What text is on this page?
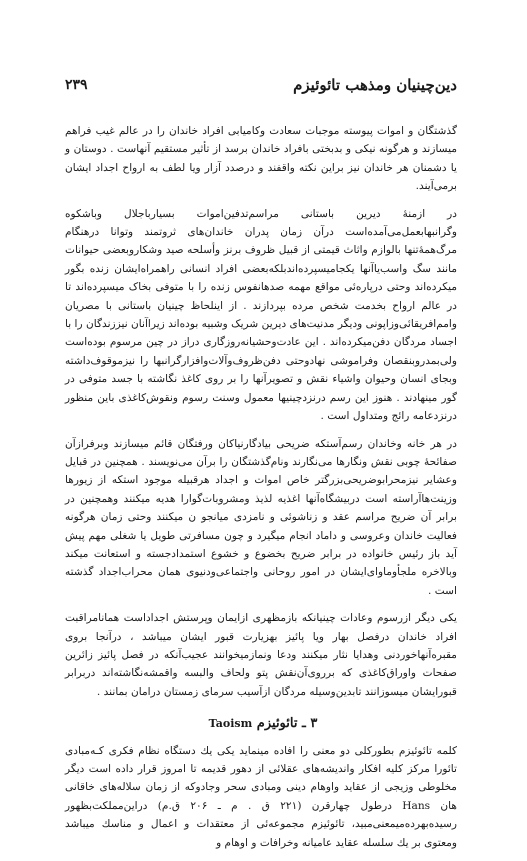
دین‌چینیان ومذهب تائوئیزم
۲۳۹

گذشتگان و اموات پیوسته موجبات سعادت وکامیابی افراد خاندان را در عالم غیب فراهم میسازند و هرگونه نیکی و بدبختی بافراد خاندان برسد از تأثیر مستقیم آنهاست . دوستان و یا دشمنان هر خاندان نیز براین نکته واقفند و درصدد آزار ویا لطف به ارواح اجداد ایشان برمی‌آیند.

در ازمنهٔ دیرین باستانی مراسم‌تدفین‌اموات بسیارباجلال وباشکوه وگرانبهابعمل‌می‌آمده‌است درآن زمان پدران خاندان‌های ثروتمند وتوانا درهنگام مرگ‌همهٔ‌تنها بالوازم واثاث قیمتی از قبیل ظروف برنز وأسلحه صید وشکاروبعضی حیوانات مانند سگ واسب‌یاآنها یکجامیسپرده‌اندبلکه‌بعضی افراد انسانی راهمراه‌ایشان زنده بگور میکرده‌اند وحتی درپاره‌ئی مواقع مهمه صدهانفوس زنده را با متوفی بخاک میسپرده‌اند تا در عالم ارواح بخدمت شخص مرده بپردازند . از اینلحاظ چینیان باستانی با مصریان وامم‌افریقائی‌وزاپونی ودیگر مدنیت‌های دیرین شریک وشبیه بوده‌اند زیراآنان نیززندگان را با اجساد مردگان دفن‌میکرده‌اند . این عادت‌وحشیانه‌روزگاری دراز در چین مرسوم بوده‌است ولی‌بمدروبنقصان وفراموشی نهادوحتی دفن‌ظروف‌وآلات‌وافزار‌گرانبها را نیزموقوف‌داشته وبجای انسان وحیوان واشیاء نقش و تصویرآنها را بر روی کاغذ نگاشته با جسد متوفی در گور مینهادند . هنوز این رسم درنزدچینیها معمول وسنت رسوم ونقوش‌کاغذی باین منظور درنزدعامه رائج ومتداول است .

در هر خانه وخاندان رسم‌آستکه ضریحی بیادگارنیاکان ورفتگان قائم میسازند وبرفرازآن صفائحهٔ چوبی نقش ونگارها می‌نگارند ونام‌گذشتگان را برآن می‌نویسند . همچنین در قبایل وعشایر نیزمحرابوضریحی‌بزرگتر خاص اموات و اجداد هرقبیله موجود استکه از زیورها وزینت‌هاآراسته است دربیشگاه‌آنها اغذیه لذیذ ومشروبات‌گوارا هدیه میکنند وهمچنین در برابر آن ضریح مراسم عقد و زناشوئی و نامزدی میانجو ن میکنند وحتی زمان هرگونه فعالیت خاندان وعروسی و داماد انجام میگیرد و چون مسافرتی طویل یا شغلی مهم پیش آید باز رئیس خانواده در برابر ضریح بخضوع و خشوع استمداد‌جسته و استعانت میکند وبالاخره ملجأوماوای‌ایشان در امور روحانی واجتماعی‌ودنیوی همان محراب‌اجداد گذشته است .

یکی دیگر ازرسوم وعادات چینیانکه بازمظهری ازایمان وپرستش اجداداست همانامراقبت افراد خاندان درفصل بهار ویا پائیز بهزیارت قبور ایشان میباشد ، درآنجا بروی مقبره‌آنهاخوردنی وهدایا نثار میکنند ودعا ونمازمیخوانند عجیب‌آنکه در فصل پائیز زائرین صفحات واوراق‌کاغذی که برروی‌آن‌نقش پتو ولحاف والبسه واقمشه‌نگاشته‌اند دربرابر قبورایشان میسوزانند تابدین‌وسیله مردگان ازآسیب سرمای زمستان درامان بمانند .

۳ ـ تائوئیزم Taoism

کلمه تائوئیزم بطورکلی دو معنی را افاده مینماید یکی یك دستگاه نظام فکری کـه‌مبادی تائورا مرکز کلیه افکار واندیشه‌های عقلائی از دهور قدیمه تا امروز قرار داده است دیگر مخلوطی وزیجی از عقاید واوهام دینی ومبادی سحر وجادوکه از زمان سلاله‌های خاقانی هان Hans درطول چهارقرن (۲۲۱ ق . م ـ ۲۰۶ ق.م) دراین‌مملکت‌بظهور رسیده‌بهرده‌میمعنی‌مبید، تائوئیزم مجموعه‌ئی از معتقدات و اعمال و مناسك میباشد ومعتوی بر یك سلسله عقاید عامیانه وخرافات و اوهام و
